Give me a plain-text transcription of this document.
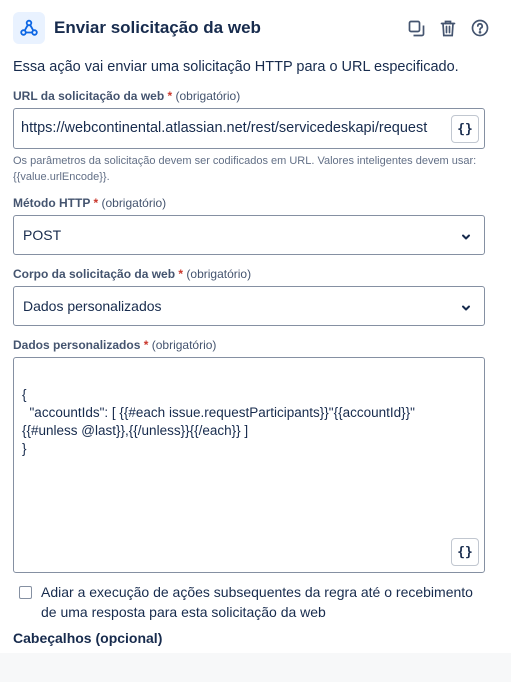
Enviar solicitação da web

Essa ação vai enviar uma solicitação HTTP para o URL especificado.

URL da solicitação da web * (obrigatório)
https://webcontinental.atlassian.net/rest/servicedeskapi/request	{}

Os parâmetros da solicitação devem ser codificados em URL. Valores inteligentes devem usar: {{value.urlEncode}}.

Método HTTP * (obrigatório)
POST
Corpo da solicitação da web * (obrigatório)
Dados personalizados
Dados personalizados * (obrigatório)
{
"accountIds": [ {{#each issue.requestParticipants}}"{{accountId}}"
{{#unless @last}},{{/unless}}{{/each}} ]
}
{}
Adiar a execução de ações subsequentes da regra até o recebimento de uma resposta para esta solicitação da web
Cabeçalhos (opcional)
